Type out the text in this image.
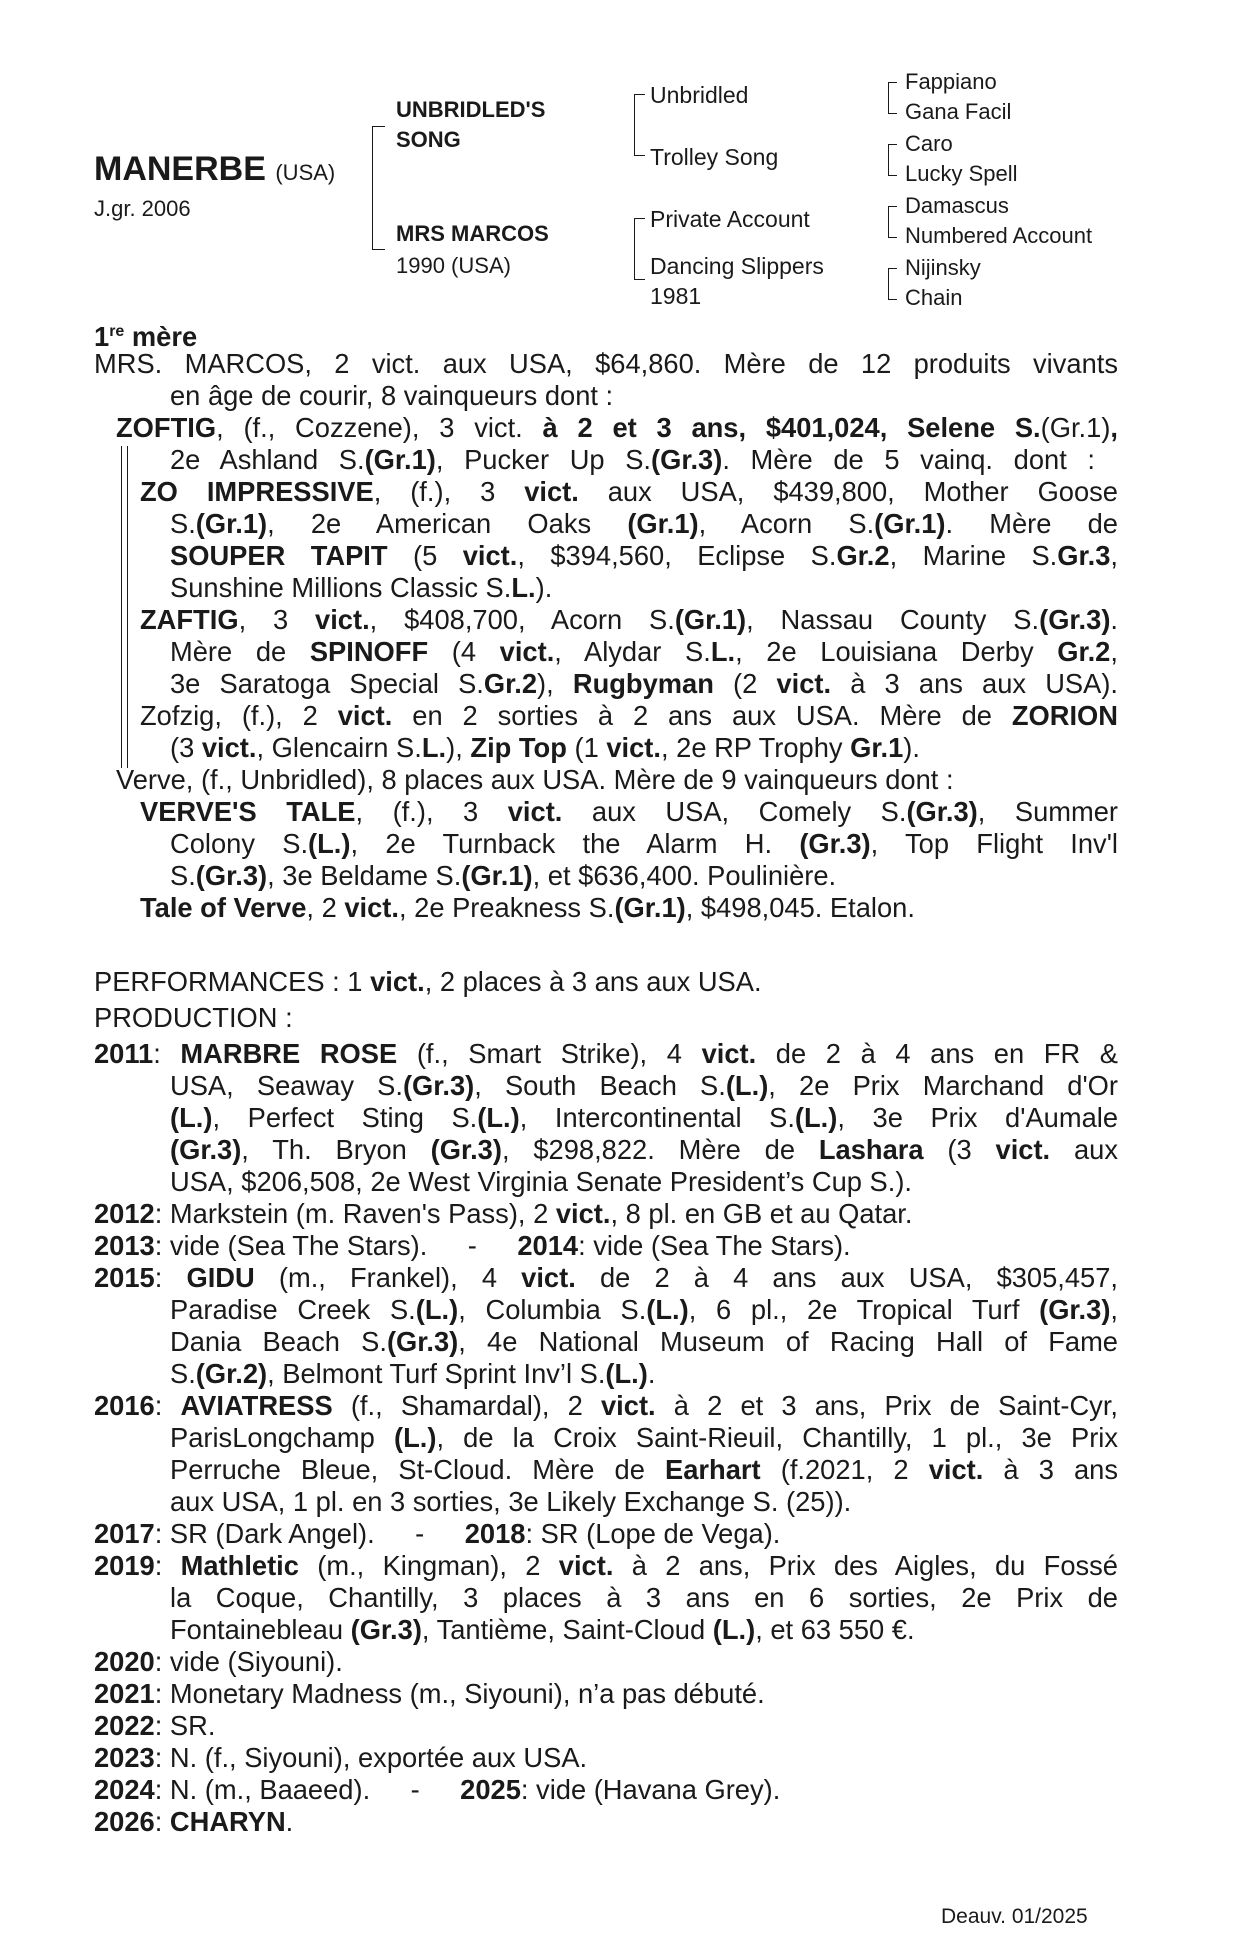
MANERBE (USA)
J.gr. 2006
UNBRIDLED'S
SONG
MRS MARCOS
1990 (USA)
Unbridled
Trolley Song
Private Account
Dancing Slippers
1981
Fappiano
Gana Facil
Caro
Lucky Spell
Damascus
Numbered Account
Nijinsky
Chain
1re mère
MRS. MARCOS, 2 vict. aux USA, $64,860. Mère de 12 produits vivants
en âge de courir, 8 vainqueurs dont :
ZOFTIG, (f., Cozzene), 3 vict. à 2 et 3 ans, $401,024, Selene S.(Gr.1),
2e Ashland S.(Gr.1), Pucker Up S.(Gr.3). Mère de 5 vainq. dont :
ZO IMPRESSIVE, (f.), 3 vict. aux USA, $439,800, Mother Goose
S.(Gr.1), 2e American Oaks (Gr.1), Acorn S.(Gr.1). Mère de
SOUPER TAPIT (5 vict., $394,560, Eclipse S.Gr.2, Marine S.Gr.3,
Sunshine Millions Classic S.L.).
ZAFTIG, 3 vict., $408,700, Acorn S.(Gr.1), Nassau County S.(Gr.3).
Mère de SPINOFF (4 vict., Alydar S.L., 2e Louisiana Derby Gr.2,
3e Saratoga Special S.Gr.2), Rugbyman (2 vict. à 3 ans aux USA).
Zofzig, (f.), 2 vict. en 2 sorties à 2 ans aux USA. Mère de ZORION
(3 vict., Glencairn S.L.), Zip Top (1 vict., 2e RP Trophy Gr.1).
Verve, (f., Unbridled), 8 places aux USA. Mère de 9 vainqueurs dont :
VERVE'S TALE, (f.), 3 vict. aux USA, Comely S.(Gr.3), Summer
Colony S.(L.), 2e Turnback the Alarm H. (Gr.3), Top Flight Inv'l
S.(Gr.3), 3e Beldame S.(Gr.1), et $636,400. Poulinière.
Tale of Verve, 2 vict., 2e Preakness S.(Gr.1), $498,045. Etalon.
PERFORMANCES : 1 vict., 2 places à 3 ans aux USA.
PRODUCTION :
2011: MARBRE ROSE (f., Smart Strike), 4 vict. de 2 à 4 ans en FR &
USA, Seaway S.(Gr.3), South Beach S.(L.), 2e Prix Marchand d'Or
(L.), Perfect Sting S.(L.), Intercontinental S.(L.), 3e Prix d'Aumale
(Gr.3), Th. Bryon (Gr.3), $298,822. Mère de Lashara (3 vict. aux
USA, $206,508, 2e West Virginia Senate President’s Cup S.).
2012: Markstein (m. Raven's Pass), 2 vict., 8 pl. en GB et au Qatar.
2013: vide (Sea The Stars). - 2014: vide (Sea The Stars).
2015: GIDU (m., Frankel), 4 vict. de 2 à 4 ans aux USA, $305,457,
Paradise Creek S.(L.), Columbia S.(L.), 6 pl., 2e Tropical Turf (Gr.3),
Dania Beach S.(Gr.3), 4e National Museum of Racing Hall of Fame
S.(Gr.2), Belmont Turf Sprint Inv’l S.(L.).
2016: AVIATRESS (f., Shamardal), 2 vict. à 2 et 3 ans, Prix de Saint-Cyr,
ParisLongchamp (L.), de la Croix Saint-Rieuil, Chantilly, 1 pl., 3e Prix
Perruche Bleue, St-Cloud. Mère de Earhart (f.2021, 2 vict. à 3 ans
aux USA, 1 pl. en 3 sorties, 3e Likely Exchange S. (25)).
2017: SR (Dark Angel). - 2018: SR (Lope de Vega).
2019: Mathletic (m., Kingman), 2 vict. à 2 ans, Prix des Aigles, du Fossé
la Coque, Chantilly, 3 places à 3 ans en 6 sorties, 2e Prix de
Fontainebleau (Gr.3), Tantième, Saint-Cloud (L.), et 63 550 €.
2020: vide (Siyouni).
2021: Monetary Madness (m., Siyouni), n’a pas débuté.
2022: SR.
2023: N. (f., Siyouni), exportée aux USA.
2024: N. (m., Baaeed). - 2025: vide (Havana Grey).
2026: CHARYN.
Deauv. 01/2025
